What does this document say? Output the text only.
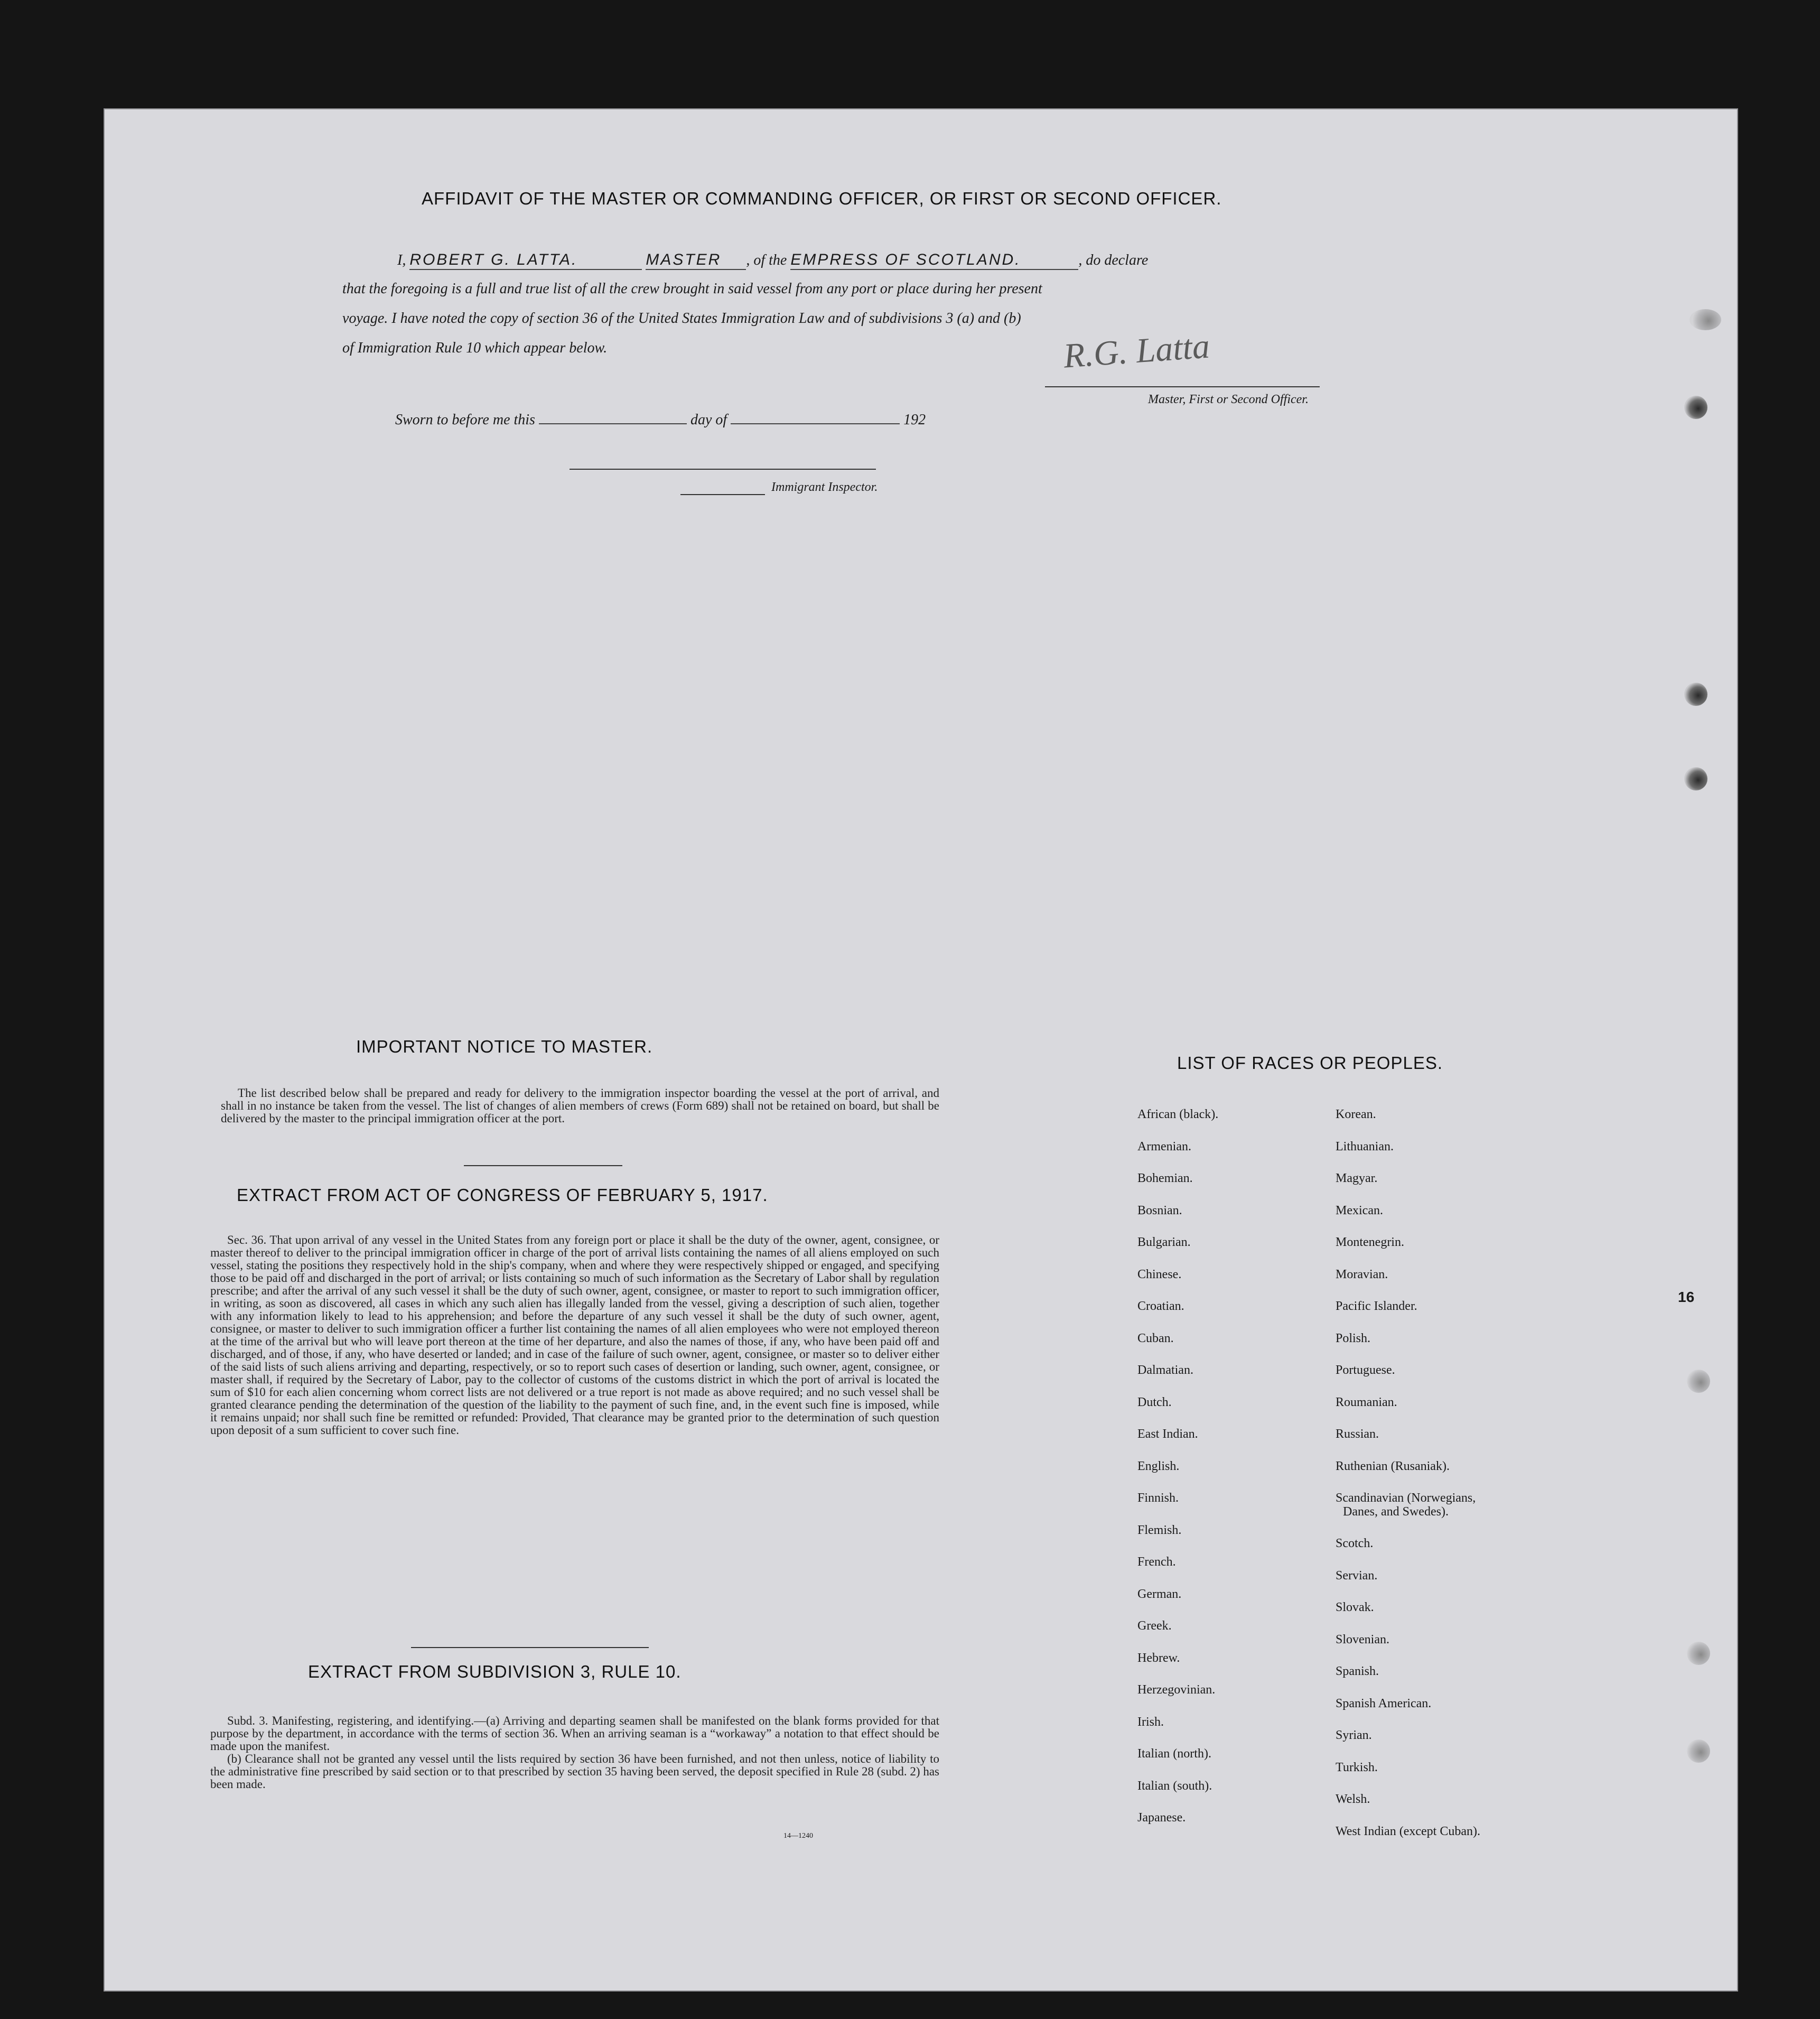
AFFIDAVIT OF THE MASTER OR COMMANDING OFFICER, OR FIRST OR SECOND OFFICER.
I, ROBERT G. LATTA.	MASTER , of the EMPRESS OF SCOTLAND.	, do declare
that the foregoing is a full and true list of all the crew brought in said vessel from any port or place during her present
voyage. I have noted the copy of section 36 of the United States Immigration Law and of subdivisions 3 (a) and (b)
of Immigration Rule 10 which appear below.	R.G. Latta
Master, First or Second Officer.
Sworn to before me this	day of	192
Immigrant Inspector.
IMPORTANT NOTICE TO MASTER.

The list described below shall be prepared and ready for delivery to the immigration inspector boarding the vessel at the port of arrival, and shall in no instance be taken from the vessel. The list of changes of alien members of crews (Form 689) shall not be retained on board, but shall be delivered by the master to the principal immigration officer at the port.

EXTRACT FROM ACT OF CONGRESS OF FEBRUARY 5, 1917.

Sec. 36. That upon arrival of any vessel in the United States from any foreign port or place it shall be the duty of the owner, agent, consignee, or master thereof to deliver to the principal immigration officer in charge of the port of arrival lists containing the names of all aliens employed on such vessel, stating the positions they respectively hold in the ship's company, when and where they were respectively shipped or engaged, and specifying those to be paid off and discharged in the port of arrival; or lists containing so much of such information as the Secretary of Labor shall by regulation prescribe; and after the arrival of any such vessel it shall be the duty of such owner, agent, consignee, or master to report to such immigration officer, in writing, as soon as discovered, all cases in which any such alien has illegally landed from the vessel, giving a description of such alien, together with any information likely to lead to his apprehension; and before the departure of any such vessel it shall be the duty of such owner, agent, consignee, or master to deliver to such immigration officer a further list containing the names of all alien employees who were not employed thereon at the time of the arrival but who will leave port thereon at the time of her departure, and also the names of those, if any, who have been paid off and discharged, and of those, if any, who have deserted or landed; and in case of the failure of such owner, agent, consignee, or master so to deliver either of the said lists of such aliens arriving and departing, respectively, or so to report such cases of desertion or landing, such owner, agent, consignee, or master shall, if required by the Secretary of Labor, pay to the collector of customs of the customs district in which the port of arrival is located the sum of $10 for each alien concerning whom correct lists are not delivered or a true report is not made as above required; and no such vessel shall be granted clearance pending the determination of the question of the liability to the payment of such fine, and, in the event such fine is imposed, while it remains unpaid; nor shall such fine be remitted or refunded: Provided, That clearance may be granted prior to the determination of such question upon deposit of a sum sufficient to cover such fine.

EXTRACT FROM SUBDIVISION 3, RULE 10.

Subd. 3. Manifesting, registering, and identifying.—(a) Arriving and departing seamen shall be manifested on the blank forms provided for that purpose by the department, in accordance with the terms of section 36. When an arriving seaman is a “workaway” a notation to that effect should be made upon the manifest.

(b) Clearance shall not be granted any vessel until the lists required by section 36 have been furnished, and not then unless, notice of liability to the administrative fine prescribed by said section or to that prescribed by section 35 having been served, the deposit specified in Rule 28 (subd. 2) has been made.

14—1240
LIST OF RACES OR PEOPLES.
African (black).
Armenian.
Bohemian.
Bosnian.
Bulgarian.
Chinese.
Croatian.
Cuban.
Dalmatian.
Dutch.
East Indian.
English.
Finnish.
Flemish.
French.
German.
Greek.
Hebrew.
Herzegovinian.
Irish.
Italian (north).
Italian (south).
Japanese.
Korean.
Lithuanian.
Magyar.
Mexican.
Montenegrin.
Moravian.
Pacific Islander.
Polish.
Portuguese.
Roumanian.
Russian.
Ruthenian (Rusaniak).
Scandinavian (Norwegians,
Danes, and Swedes).
Scotch.
Servian.
Slovak.
Slovenian.
Spanish.
Spanish American.
Syrian.
Turkish.
Welsh.
West Indian (except Cuban).
16
